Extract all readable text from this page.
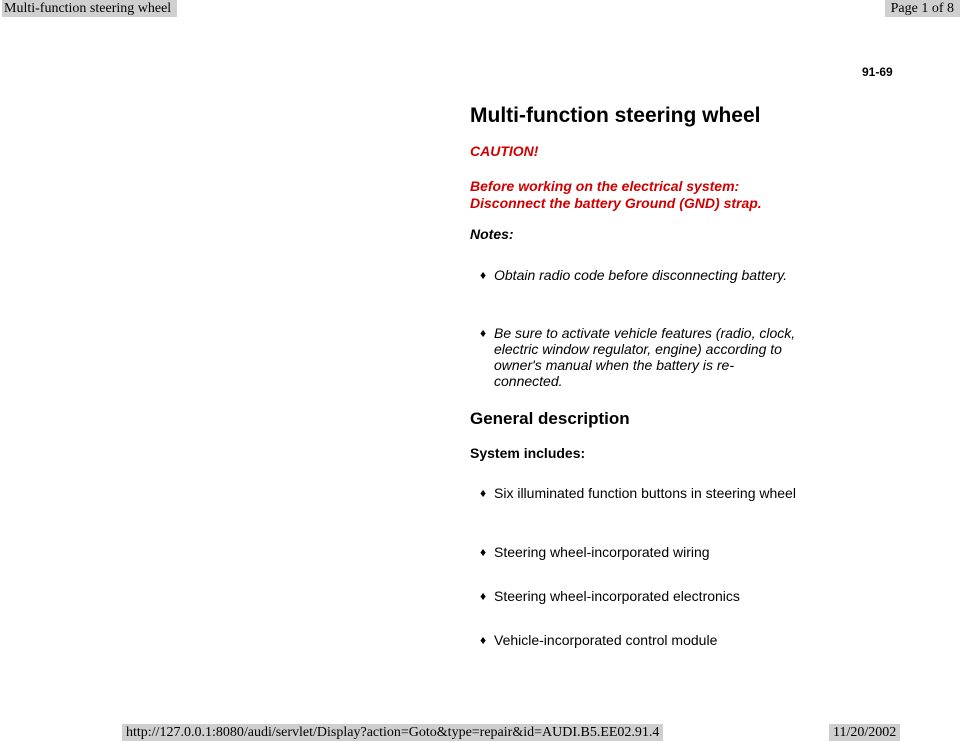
Multi-function steering wheel	Page 1 of 8
91-69
Multi-function steering wheel
CAUTION!
Before working on the electrical system: Disconnect the battery Ground (GND) strap.
Notes:
♦ Obtain radio code before disconnecting battery.
♦ Be sure to activate vehicle features (radio, clock, electric window regulator, engine) according to owner's manual when the battery is re-connected.
General description
System includes:
♦ Six illuminated function buttons in steering wheel
♦ Steering wheel-incorporated wiring
♦ Steering wheel-incorporated electronics
♦ Vehicle-incorporated control module
http://127.0.0.1:8080/audi/servlet/Display?action=Goto&type=repair&id=AUDI.B5.EE02.91.4	11/20/2002
